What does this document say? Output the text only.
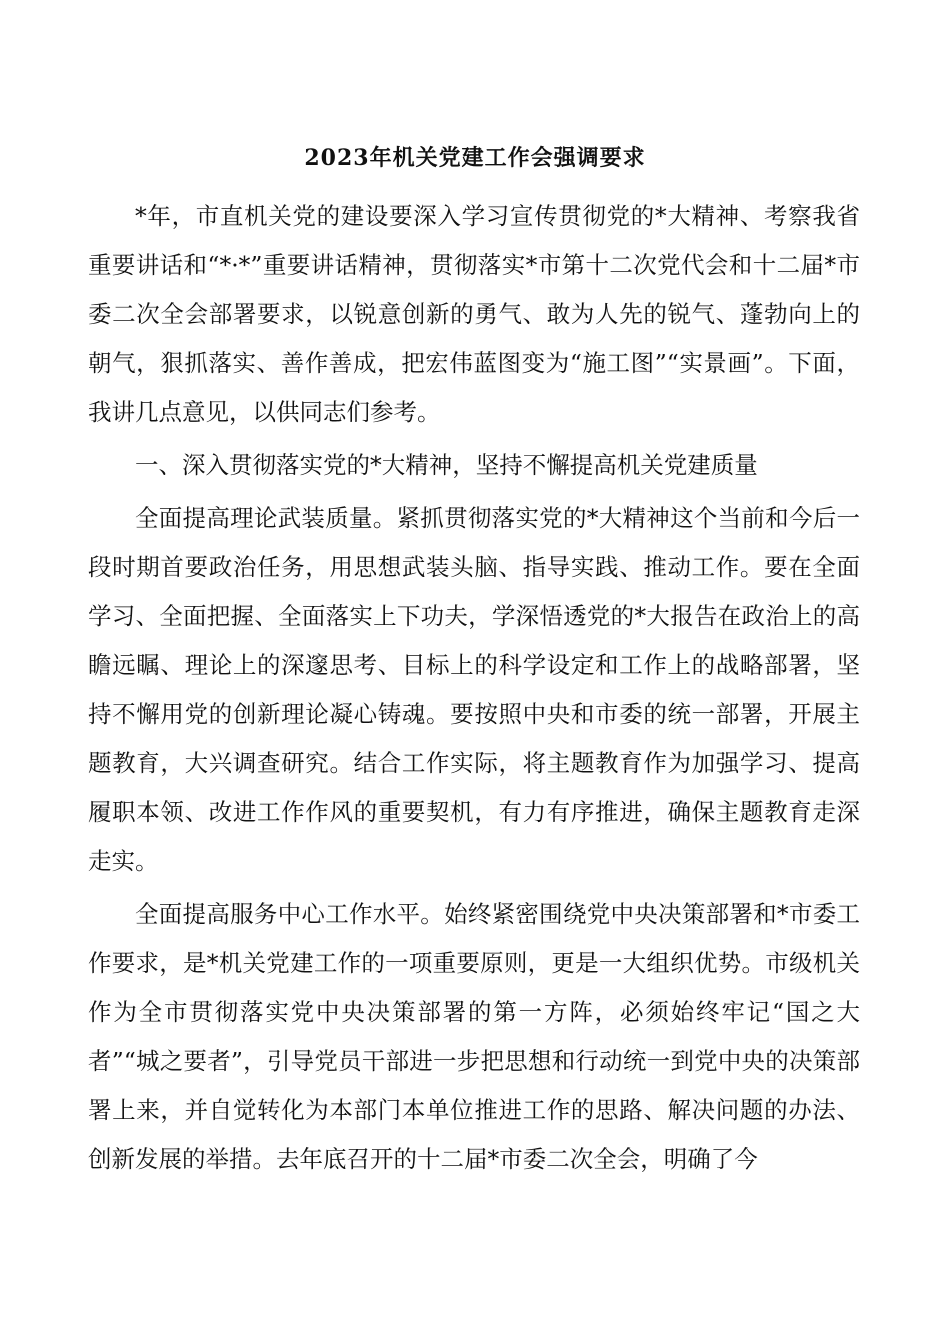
2023年机关党建工作会强调要求

*年，市直机关党的建设要深入学习宣传贯彻党的*大精神、考察我省重要讲话和“*·*”重要讲话精神，贯彻落实*市第十二次党代会和十二届*市委二次全会部署要求，以锐意创新的勇气、敢为人先的锐气、蓬勃向上的朝气，狠抓落实、善作善成，把宏伟蓝图变为“施工图”“实景画”。下面，我讲几点意见，以供同志们参考。

一、深入贯彻落实党的*大精神，坚持不懈提高机关党建质量

全面提高理论武装质量。紧抓贯彻落实党的*大精神这个当前和今后一段时期首要政治任务，用思想武装头脑、指导实践、推动工作。要在全面学习、全面把握、全面落实上下功夫，学深悟透党的*大报告在政治上的高瞻远瞩、理论上的深邃思考、目标上的科学设定和工作上的战略部署，坚持不懈用党的创新理论凝心铸魂。要按照中央和市委的统一部署，开展主题教育，大兴调查研究。结合工作实际，将主题教育作为加强学习、提高履职本领、改进工作作风的重要契机，有力有序推进，确保主题教育走深走实。

全面提高服务中心工作水平。始终紧密围绕党中央决策部署和*市委工作要求，是*机关党建工作的一项重要原则，更是一大组织优势。市级机关作为全市贯彻落实党中央决策部署的第一方阵，必须始终牢记“国之大者”“城之要者”，引导党员干部进一步把思想和行动统一到党中央的决策部署上来，并自觉转化为本部门本单位推进工作的思路、解决问题的办法、创新发展的举措。去年底召开的十二届*市委二次全会，明确了今
